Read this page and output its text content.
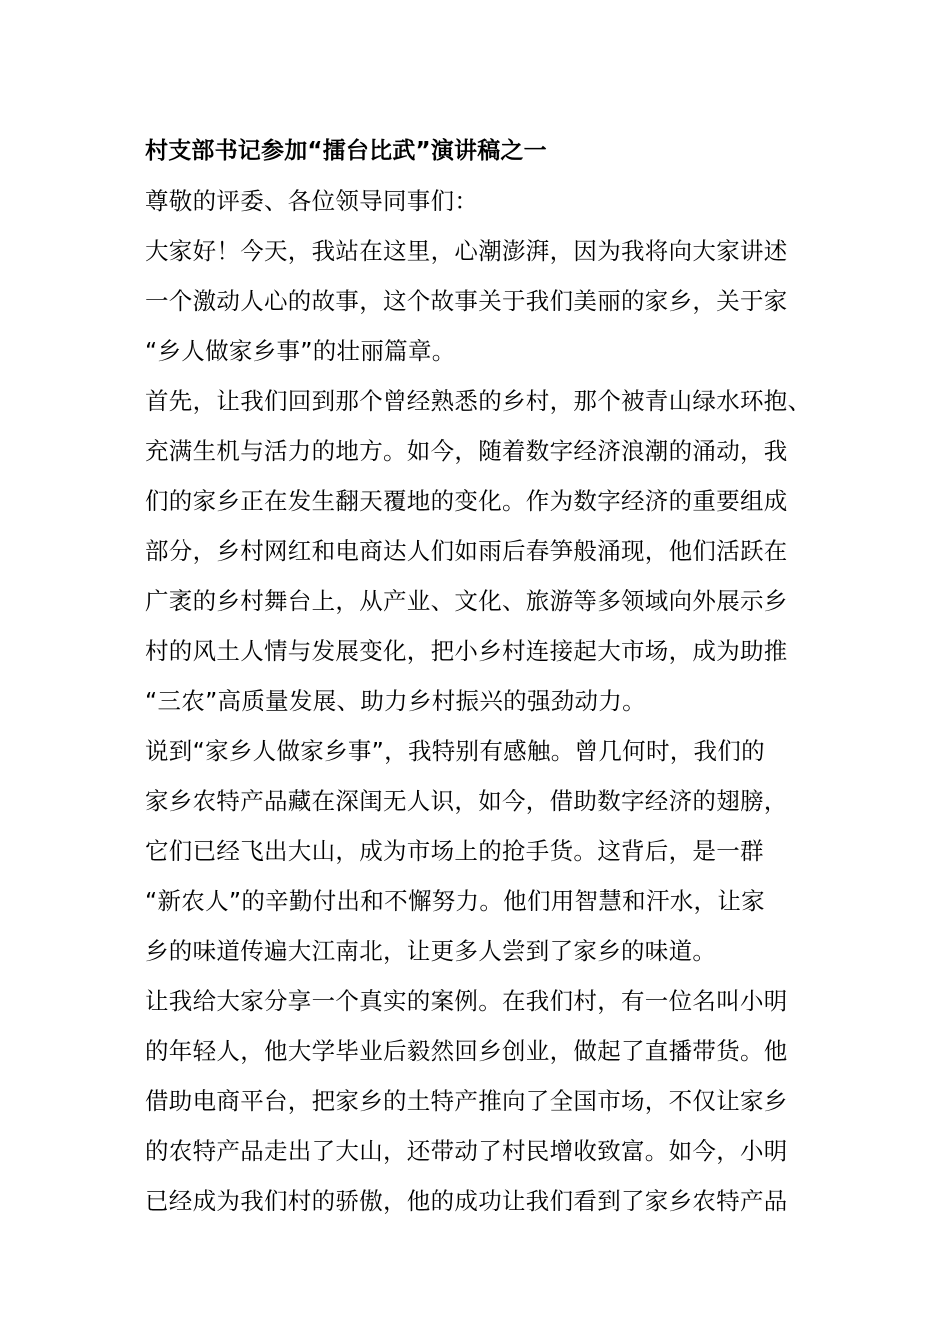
村支部书记参加“擂台比武”演讲稿之一
尊敬的评委、各位领导同事们：
大家好！今天，我站在这里，心潮澎湃，因为我将向大家讲述
一个激动人心的故事，这个故事关于我们美丽的家乡，关于家
“乡人做家乡事”的壮丽篇章。
首先，让我们回到那个曾经熟悉的乡村，那个被青山绿水环抱、
充满生机与活力的地方。如今，随着数字经济浪潮的涌动，我
们的家乡正在发生翻天覆地的变化。作为数字经济的重要组成
部分，乡村网红和电商达人们如雨后春笋般涌现，他们活跃在
广袤的乡村舞台上，从产业、文化、旅游等多领域向外展示乡
村的风土人情与发展变化，把小乡村连接起大市场，成为助推
“三农”高质量发展、助力乡村振兴的强劲动力。
说到“家乡人做家乡事”，我特别有感触。曾几何时，我们的
家乡农特产品藏在深闺无人识，如今，借助数字经济的翅膀，
它们已经飞出大山，成为市场上的抢手货。这背后，是一群
“新农人”的辛勤付出和不懈努力。他们用智慧和汗水，让家
乡的味道传遍大江南北，让更多人尝到了家乡的味道。
让我给大家分享一个真实的案例。在我们村，有一位名叫小明
的年轻人，他大学毕业后毅然回乡创业，做起了直播带货。他
借助电商平台，把家乡的土特产推向了全国市场，不仅让家乡
的农特产品走出了大山，还带动了村民增收致富。如今，小明
已经成为我们村的骄傲，他的成功让我们看到了家乡农特产品
